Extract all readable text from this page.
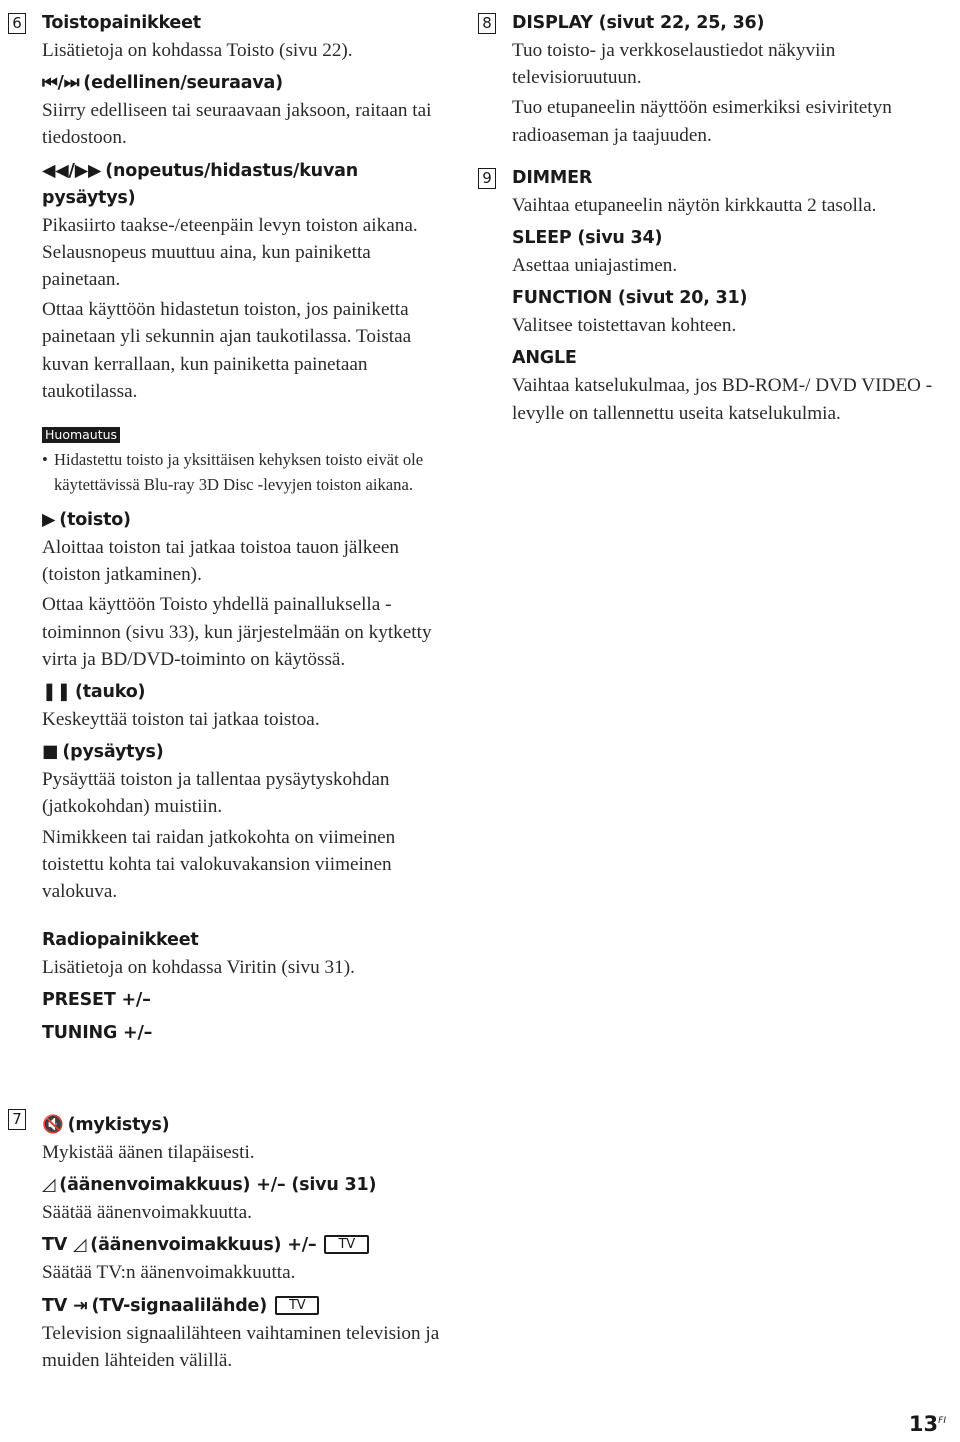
6 Toistopainikkeet

Lisätietoja on kohdassa Toisto (sivu 22).

⏮/⏭ (edellinen/seuraava)

Siirry edelliseen tai seuraavaan jaksoon, raitaan tai tiedostoon.

◀◀/▶▶ (nopeutus/hidastus/kuvan pysäytys)

Pikasiirto taakse-/eteenpäin levyn toiston aikana. Selausnopeus muuttuu aina, kun painiketta painetaan.

Ottaa käyttöön hidastetun toiston, jos painiketta painetaan yli sekunnin ajan taukotilassa. Toistaa kuvan kerrallaan, kun painiketta painetaan taukotilassa.

Huomautus

• Hidastettu toisto ja yksittäisen kehyksen toisto eivät ole käytettävissä Blu-ray 3D Disc -levyjen toiston aikana.

▶ (toisto)

Aloittaa toiston tai jatkaa toistoa tauon jälkeen (toiston jatkaminen).

Ottaa käyttöön Toisto yhdellä painalluksella -toiminnon (sivu 33), kun järjestelmään on kytketty virta ja BD/DVD-toiminto on käytössä.

❚❚ (tauko)

Keskeyttää toiston tai jatkaa toistoa.

■ (pysäytys)

Pysäyttää toiston ja tallentaa pysäytyskohdan (jatkokohdan) muistiin.

Nimikkeen tai raidan jatkokohta on viimeinen toistettu kohta tai valokuvakansion viimeinen valokuva.

Radiopainikkeet

Lisätietoja on kohdassa Viritin (sivu 31).

PRESET +/–

TUNING +/–

7 🔇 (mykistys)

Mykistää äänen tilapäisesti.

◿ (äänenvoimakkuus) +/– (sivu 31)

Säätää äänenvoimakkuutta.

TV ◿ (äänenvoimakkuus) +/– TV

Säätää TV:n äänenvoimakkuutta.

TV ⇥ (TV-signaalilähde) TV

Television signaalilähteen vaihtaminen television ja muiden lähteiden välillä.

8 DISPLAY (sivut 22, 25, 36)

Tuo toisto- ja verkkoselaustiedot näkyviin televisioruutuun.

Tuo etupaneelin näyttöön esimerkiksi esiviritetyn radioaseman ja taajuuden.

9 DIMMER

Vaihtaa etupaneelin näytön kirkkautta 2 tasolla.

SLEEP (sivu 34)

Asettaa uniajastimen.

FUNCTION (sivut 20, 31)

Valitsee toistettavan kohteen.

ANGLE

Vaihtaa katselukulmaa, jos BD-ROM-/ DVD VIDEO -levylle on tallennettu useita katselukulmia.

$13^{FI}$
